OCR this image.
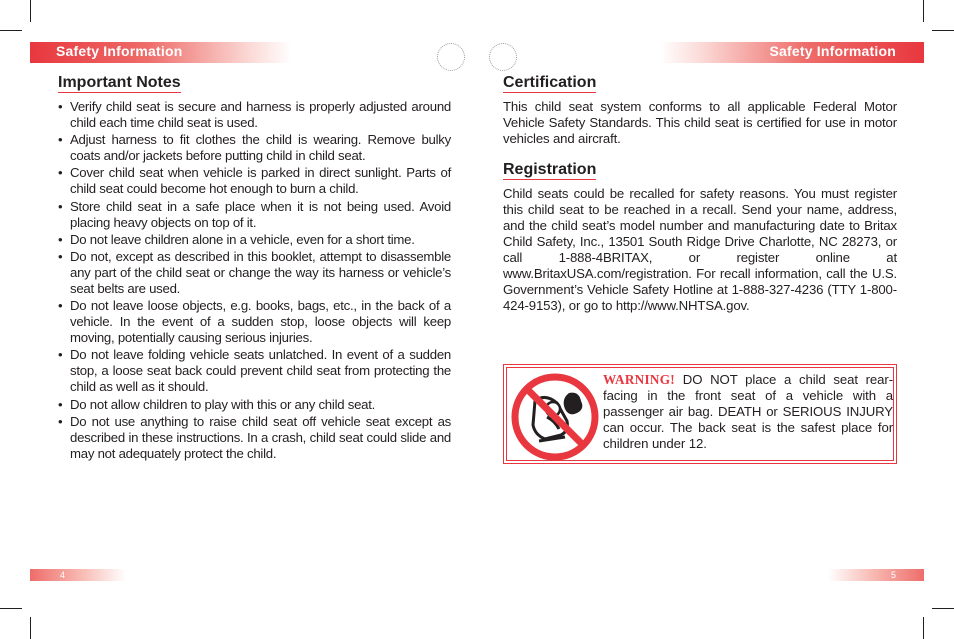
Safety Information	Safety Information
Important Notes
• Verify child seat is secure and harness is properly adjusted around child each time child seat is used.
• Adjust harness to fit clothes the child is wearing. Remove bulky coats and/or jackets before putting child in child seat.
• Cover child seat when vehicle is parked in direct sunlight. Parts of child seat could become hot enough to burn a child.
• Store child seat in a safe place when it is not being used. Avoid placing heavy objects on top of it.
• Do not leave children alone in a vehicle, even for a short time.
• Do not, except as described in this booklet, attempt to disassemble any part of the child seat or change the way its harness or vehicle’s seat belts are used.
• Do not leave loose objects, e.g. books, bags, etc., in the back of a vehicle. In the event of a sudden stop, loose objects will keep moving, potentially causing serious injuries.
• Do not leave folding vehicle seats unlatched. In event of a sudden stop, a loose seat back could prevent child seat from protecting the child as well as it should.
• Do not allow children to play with this or any child seat.
• Do not use anything to raise child seat off vehicle seat except as described in these instructions. In a crash, child seat could slide and may not adequately protect the child.
Certification

This child seat system conforms to all applicable Federal Motor Vehicle Safety Standards. This child seat is certified for use in motor vehicles and aircraft.

Registration

Child seats could be recalled for safety reasons. You must register this child seat to be reached in a recall. Send your name, address, and the child seat’s model number and manufacturing date to Britax Child Safety, Inc., 13501 South Ridge Drive Charlotte, NC 28273, or call 1-888-4BRITAX, or register online at www.BritaxUSA.com/registration. For recall information, call the U.S. Government’s Vehicle Safety Hotline at 1-888-327-4236 (TTY 1-800-424-9153), or go to http://www.NHTSA.gov.

WARNING! DO NOT place a child seat rear-facing in the front seat of a vehicle with a passenger air bag. DEATH or SERIOUS INJURY can occur. The back seat is the safest place for children under 12.

4	5
